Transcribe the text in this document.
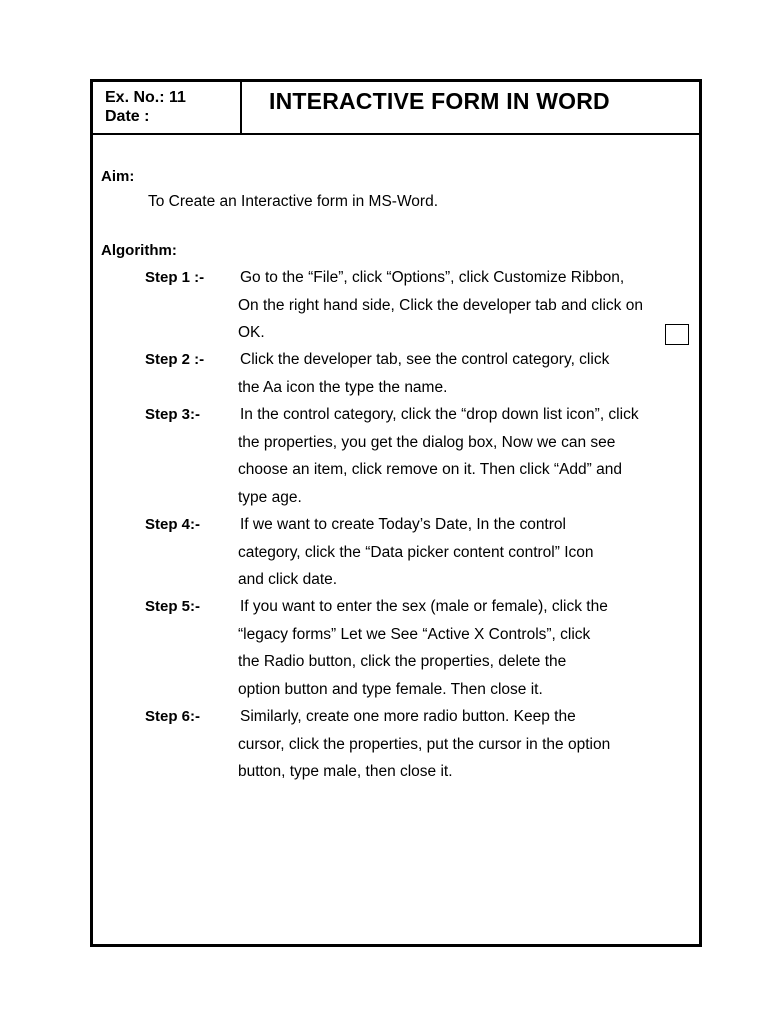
Ex. No.: 11
Date :
INTERACTIVE FORM IN WORD
Aim:
To Create an Interactive form in MS-Word.
Algorithm:
Step 1 :- Go to the “File”, click “Options”, click Customize Ribbon,
On the right hand side, Click the developer tab and click on
OK.
Step 2 :- Click the developer tab, see the control category, click
the Aa icon the type the name.
Step 3:-	In the control category, click the “drop down list icon”, click
the properties, you get the dialog box, Now we can see
choose an item, click remove on it. Then click “Add” and
type age.
Step 4:-	If we want to create Today’s Date, In the control
category, click the “Data picker content control” Icon
and click date.
Step 5:-	If you want to enter the sex (male or female), click the
“legacy forms” Let we See “Active X Controls”, click
the Radio button, click the properties, delete the
option button and type female. Then close it.
Step 6:-	Similarly, create one more radio button. Keep the
cursor, click the properties, put the cursor in the option
button, type male, then close it.
